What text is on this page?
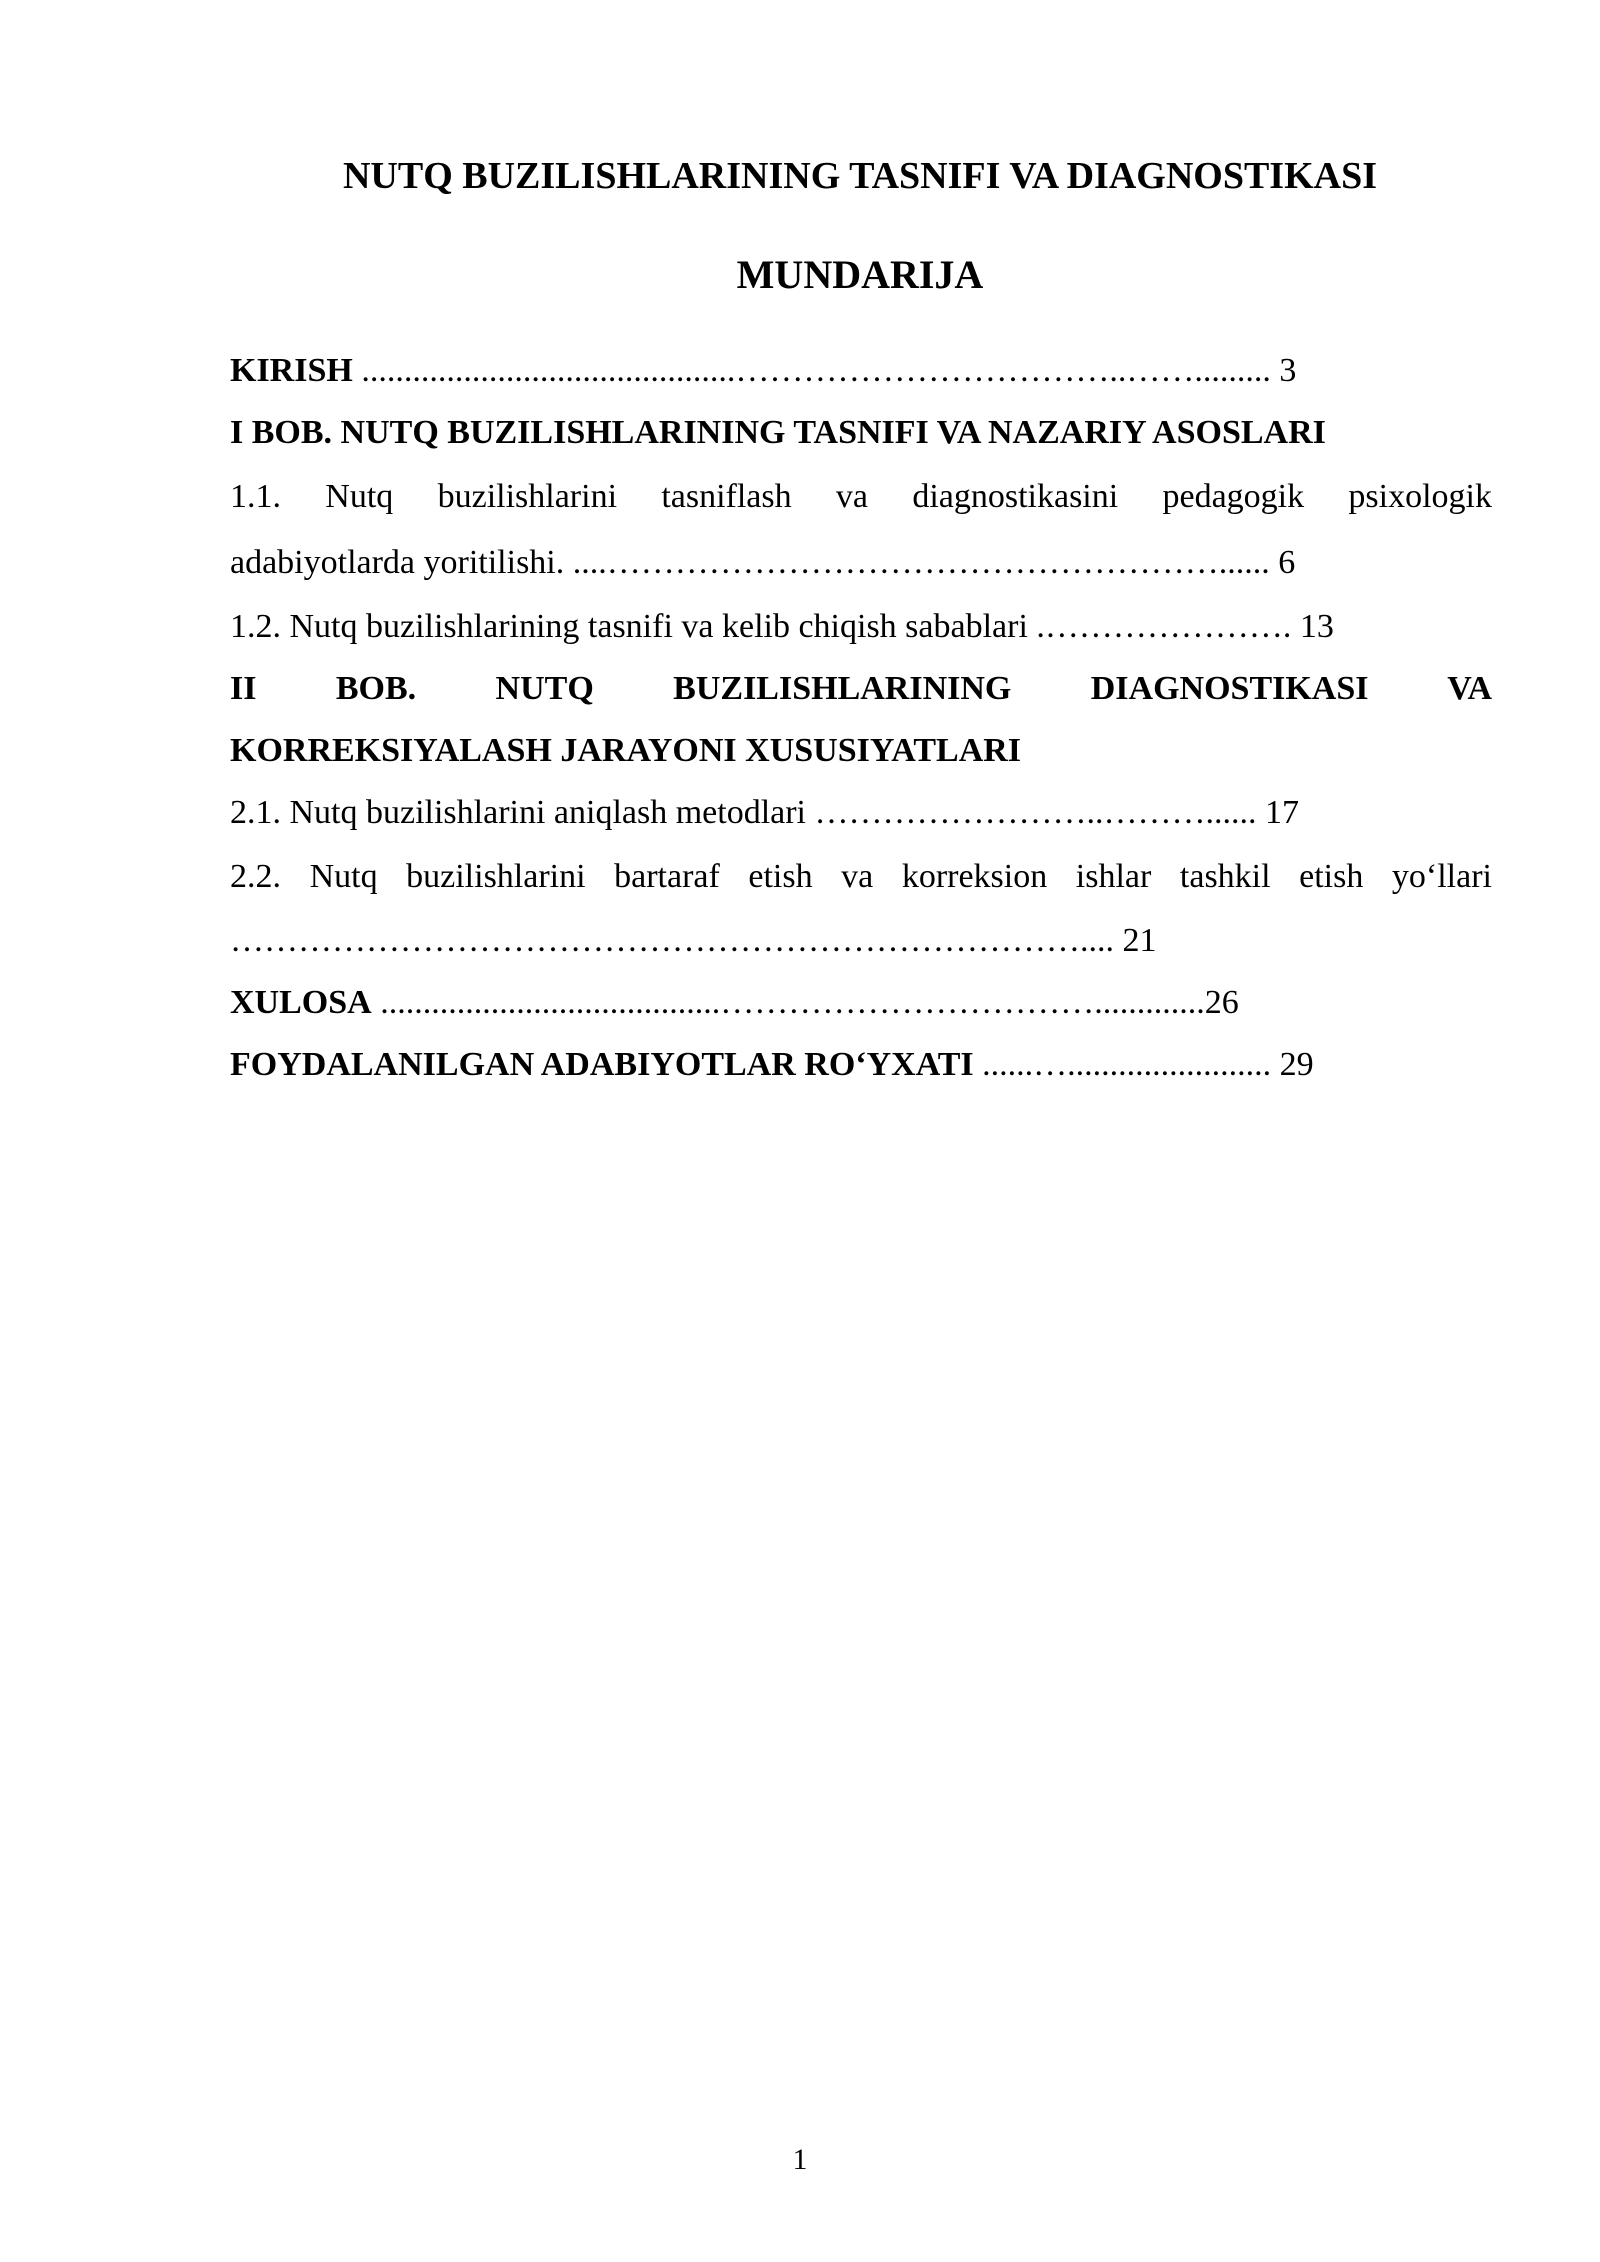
NUTQ BUZILISHLARINING TASNIFI VA DIAGNOSTIKASI
MUNDARIJA
KIRISH ............................................……………………………..……......... 3
I BOB. NUTQ BUZILISHLARINING TASNIFI VA NAZARIY ASOSLARI
1.1. Nutq buzilishlarini tasniflash va diagnostikasini pedagogik psixologik
adabiyotlarda yoritilishi. ....………………………………………………...... 6
1.2. Nutq buzilishlarining tasnifi va kelib chiqish sabablari .…………………. 13
II BOB. NUTQ BUZILISHLARINING DIAGNOSTIKASI VA
KORREKSIYALASH JARAYONI XUSUSIYATLARI
2.1. Nutq buzilishlarini aniqlash metodlari ……………………..………...... 17
2.2. Nutq buzilishlarini bartaraf etish va korreksion ishlar tashkil etish yo‘llari
………………………………………………………………….... 21
XULOSA ........................................…………………………….............26
FOYDALANILGAN ADABIYOTLAR RO‘YXATI ......…........................ 29
1
